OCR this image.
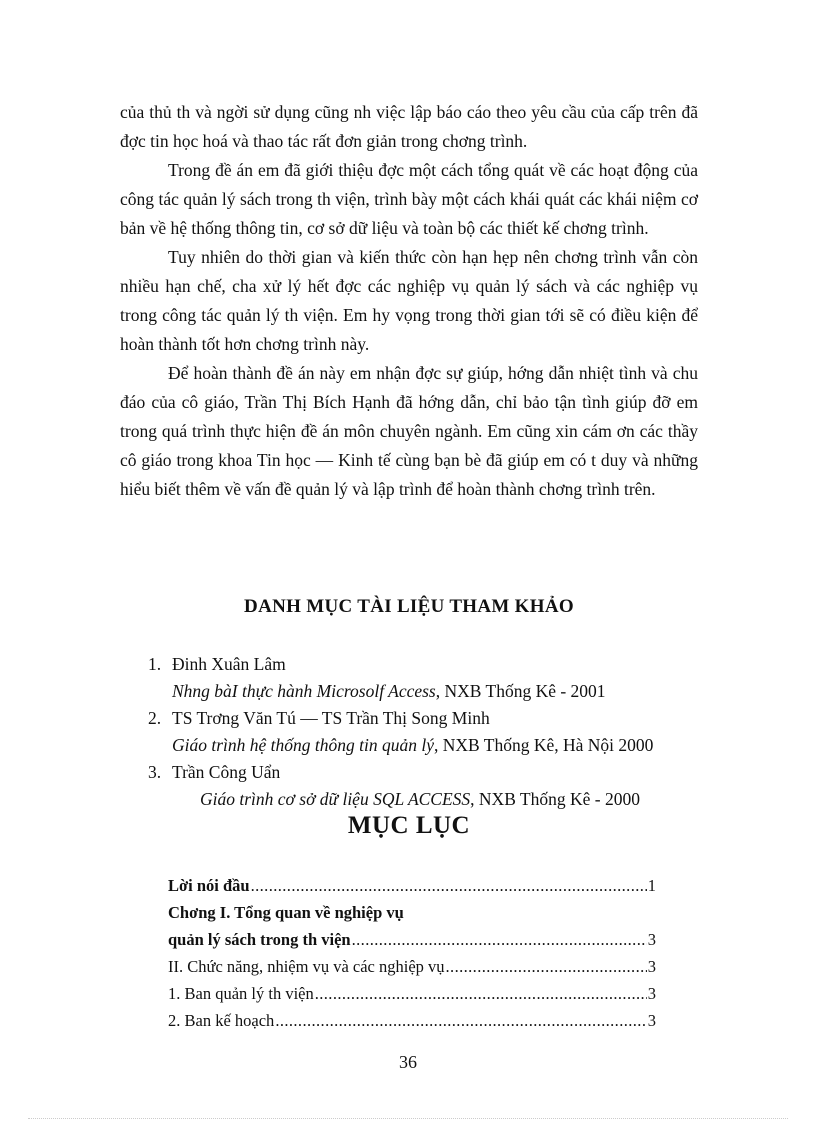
của thủ th và ngời sử dụng cũng nh việc lập báo cáo theo yêu cầu của cấp trên đã đợc tin học hoá và thao tác rất đơn giản trong chơng trình.

Trong đề án em đã giới thiệu đợc một cách tổng quát về các hoạt động của công tác quản lý sách trong th viện, trình bày một cách khái quát các khái niệm cơ bản về hệ thống thông tin, cơ sở dữ liệu và toàn bộ các thiết kế chơng trình.

Tuy nhiên do thời gian và kiến thức còn hạn hẹp nên chơng trình vẫn còn nhiều hạn chế, cha xử lý hết đợc các nghiệp vụ quản lý sách và các nghiệp vụ trong công tác quản lý th viện. Em hy vọng trong thời gian tới sẽ có điều kiện để hoàn thành tốt hơn chơng trình này.

Để hoàn thành đề án này em nhận đợc sự giúp, hớng dẫn nhiệt tình và chu đáo của cô giáo, Trần Thị Bích Hạnh đã hớng dẫn, chỉ bảo tận tình giúp đỡ em trong quá trình thực hiện đề án môn chuyên ngành. Em cũng xin cám ơn các thầy cô giáo trong khoa Tin học — Kinh tế cùng bạn bè đã giúp em có t duy và những hiểu biết thêm về vấn đề quản lý và lập trình để hoàn thành chơng trình trên.

DANH MỤC TÀI LIỆU THAM KHẢO
1. Đinh Xuân Lâm
Nhng bàI thực hành Microsolf Access, NXB Thống Kê - 2001
2. TS Trơng Văn Tú — TS Trần Thị Song Minh
Giáo trình hệ thống thông tin quản lý, NXB Thống Kê, Hà Nội 2000
3. Trần Công Uẩn
Giáo trình cơ sở dữ liệu SQL ACCESS, NXB Thống Kê - 2000
MỤC LỤC
Lời nói đầu .....	1
Chơng I. Tổng quan về nghiệp vụ
quản lý sách trong th viện .....	3
II. Chức năng, nhiệm vụ và các nghiệp vụ .....	3
1. Ban quản lý th viện .....	3
2. Ban kế hoạch .....	3
36
